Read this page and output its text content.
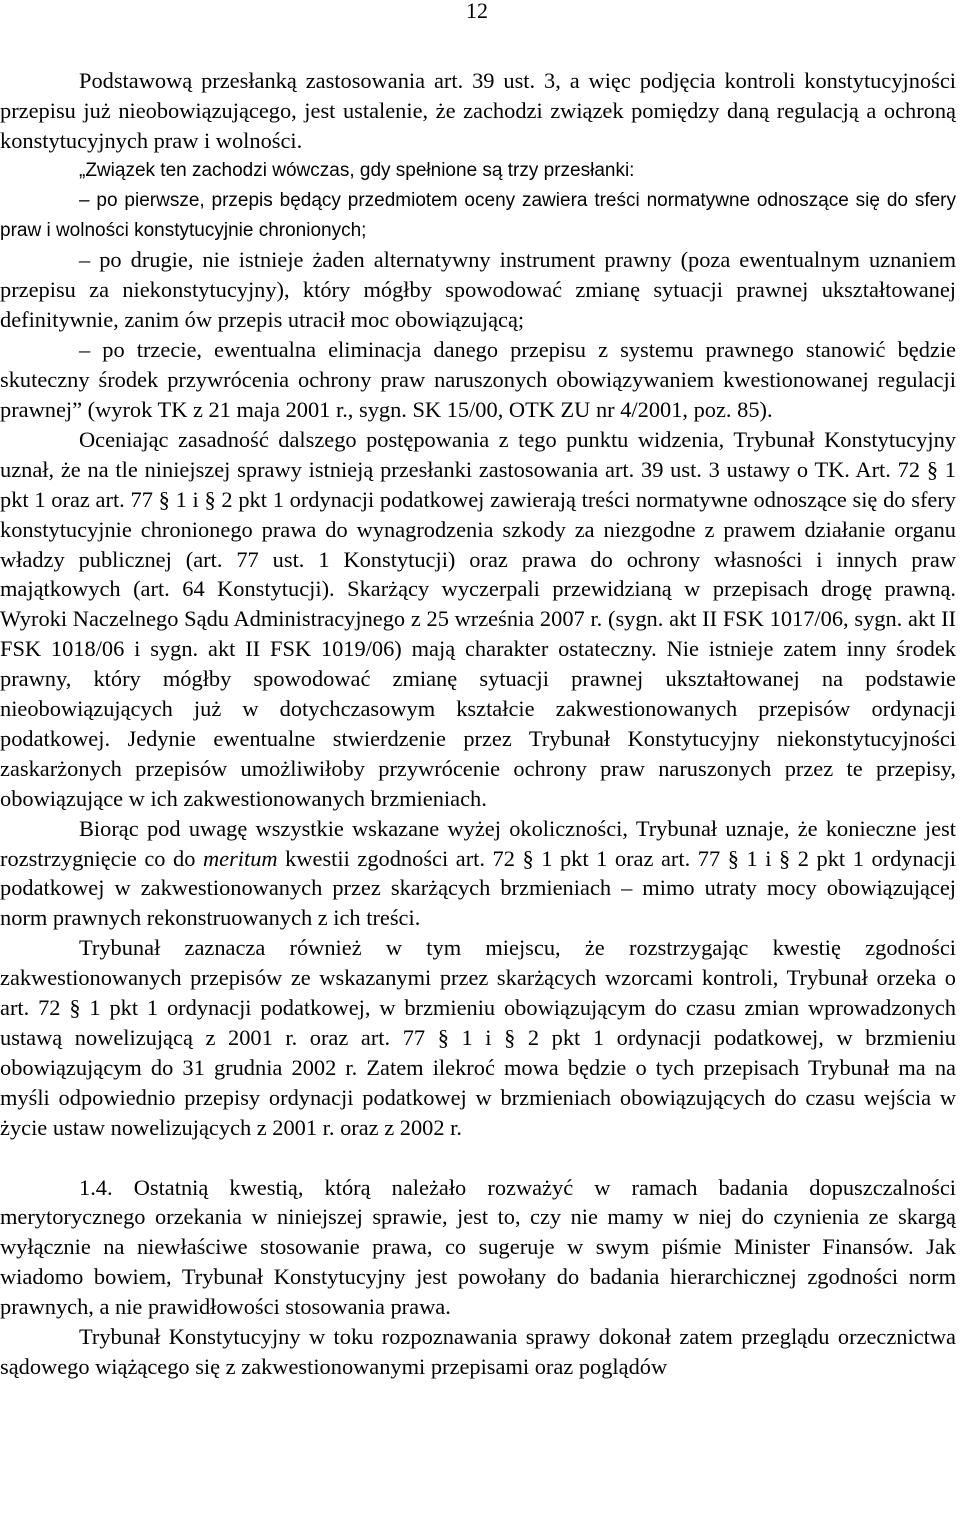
12

Podstawową przesłanką zastosowania art. 39 ust. 3, a więc podjęcia kontroli konstytucyjności przepisu już nieobowiązującego, jest ustalenie, że zachodzi związek pomiędzy daną regulacją a ochroną konstytucyjnych praw i wolności.

„Związek ten zachodzi wówczas, gdy spełnione są trzy przesłanki:

– po pierwsze, przepis będący przedmiotem oceny zawiera treści normatywne odnoszące się do sfery praw i wolności konstytucyjnie chronionych;

– po drugie, nie istnieje żaden alternatywny instrument prawny (poza ewentualnym uznaniem przepisu za niekonstytucyjny), który mógłby spowodować zmianę sytuacji prawnej ukształtowanej definitywnie, zanim ów przepis utracił moc obowiązującą;

– po trzecie, ewentualna eliminacja danego przepisu z systemu prawnego stanowić będzie skuteczny środek przywrócenia ochrony praw naruszonych obowiązywaniem kwestionowanej regulacji prawnej” (wyrok TK z 21 maja 2001 r., sygn. SK 15/00, OTK ZU nr 4/2001, poz. 85).

Oceniając zasadność dalszego postępowania z tego punktu widzenia, Trybunał Konstytucyjny uznał, że na tle niniejszej sprawy istnieją przesłanki zastosowania art. 39 ust. 3 ustawy o TK. Art. 72 § 1 pkt 1 oraz art. 77 § 1 i § 2 pkt 1 ordynacji podatkowej zawierają treści normatywne odnoszące się do sfery konstytucyjnie chronionego prawa do wynagrodzenia szkody za niezgodne z prawem działanie organu władzy publicznej (art. 77 ust. 1 Konstytucji) oraz prawa do ochrony własności i innych praw majątkowych (art. 64 Konstytucji). Skarżący wyczerpali przewidzianą w przepisach drogę prawną. Wyroki Naczelnego Sądu Administracyjnego z 25 września 2007 r. (sygn. akt II FSK 1017/06, sygn. akt II FSK 1018/06 i sygn. akt II FSK 1019/06) mają charakter ostateczny. Nie istnieje zatem inny środek prawny, który mógłby spowodować zmianę sytuacji prawnej ukształtowanej na podstawie nieobowiązujących już w dotychczasowym kształcie zakwestionowanych przepisów ordynacji podatkowej. Jedynie ewentualne stwierdzenie przez Trybunał Konstytucyjny niekonstytucyjności zaskarżonych przepisów umożliwiłoby przywrócenie ochrony praw naruszonych przez te przepisy, obowiązujące w ich zakwestionowanych brzmieniach.

Biorąc pod uwagę wszystkie wskazane wyżej okoliczności, Trybunał uznaje, że konieczne jest rozstrzygnięcie co do meritum kwestii zgodności art. 72 § 1 pkt 1 oraz art. 77 § 1 i § 2 pkt 1 ordynacji podatkowej w zakwestionowanych przez skarżących brzmieniach – mimo utraty mocy obowiązującej norm prawnych rekonstruowanych z ich treści.

Trybunał zaznacza również w tym miejscu, że rozstrzygając kwestię zgodności zakwestionowanych przepisów ze wskazanymi przez skarżących wzorcami kontroli, Trybunał orzeka o art. 72 § 1 pkt 1 ordynacji podatkowej, w brzmieniu obowiązującym do czasu zmian wprowadzonych ustawą nowelizującą z 2001 r. oraz art. 77 § 1 i § 2 pkt 1 ordynacji podatkowej, w brzmieniu obowiązującym do 31 grudnia 2002 r. Zatem ilekroć mowa będzie o tych przepisach Trybunał ma na myśli odpowiednio przepisy ordynacji podatkowej w brzmieniach obowiązujących do czasu wejścia w życie ustaw nowelizujących z 2001 r. oraz z 2002 r.

1.4. Ostatnią kwestią, którą należało rozważyć w ramach badania dopuszczalności merytorycznego orzekania w niniejszej sprawie, jest to, czy nie mamy w niej do czynienia ze skargą wyłącznie na niewłaściwe stosowanie prawa, co sugeruje w swym piśmie Minister Finansów. Jak wiadomo bowiem, Trybunał Konstytucyjny jest powołany do badania hierarchicznej zgodności norm prawnych, a nie prawidłowości stosowania prawa.

Trybunał Konstytucyjny w toku rozpoznawania sprawy dokonał zatem przeglądu orzecznictwa sądowego wiążącego się z zakwestionowanymi przepisami oraz poglądów
